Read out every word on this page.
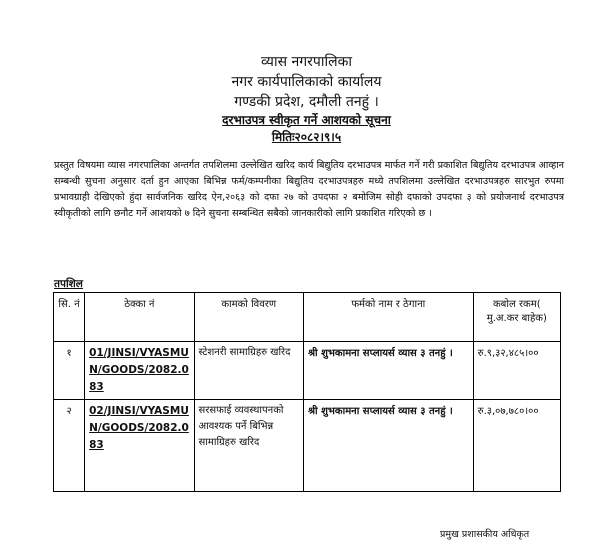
व्यास नगरपालिका
नगर कार्यपालिकाको कार्यालय
गण्डकी प्रदेश, दमौली तनहुं ।
दरभाउपत्र स्वीकृत गर्ने आशयको सूचना
मितिः२०८२।९।५
प्रस्तुत विषयमा व्यास नगरपालिका अन्तर्गत तपशिलमा उल्लेखित खरिद कार्य बिद्युतिय दरभाउपत्र मार्फत गर्ने गरी प्रकाशित बिद्युतिय दरभाउपत्र आव्हान सम्बन्धी सुचना अनुसार दर्ता हुन आएका बिभिन्न फर्म/कम्पनीका बिद्युतिय दरभाउपत्रहरु मध्ये तपशिलमा उल्लेखित दरभाउपत्रहरु सारभुत रुपमा प्रभावग्राही देखिएको हुंदा सार्वजनिक खरिद ऐन,२०६३ को दफा २७ को उपदफा २ बमोजिम सोही दफाको उपदफा ३ को प्रयोजनार्थ दरभाउपत्र स्वीकृतीको लागि छनौट गर्ने आशयको ७ दिने सुचना सम्बन्धित सबैको जानकारीको लागि प्रकाशित गरिएको छ ।
तपशिल
सि. नं	ठेक्का नं	कामको विवरण	फर्मको नाम र ठेगाना	कबोल रकम( मु.अ.कर बाहेक)
१	01/JINSI/VYASMUN/GOODS/2082.083	स्टेशनरी सामाग्रिहरु खरिद	श्री शुभकामना सप्लायर्स व्यास ३ तनहुं ।	रु.९,३२,४८५।००
२	02/JINSI/VYASMUN/GOODS/2082.083	सरसफाई व्यवस्थापनको आवश्यक पर्ने बिभिन्न सामाग्रिहरु खरिद	श्री शुभकामना सप्लायर्स व्यास ३ तनहुं ।	रु.३,०७,७८०।००
प्रमुख प्रशासकीय अधिकृत
